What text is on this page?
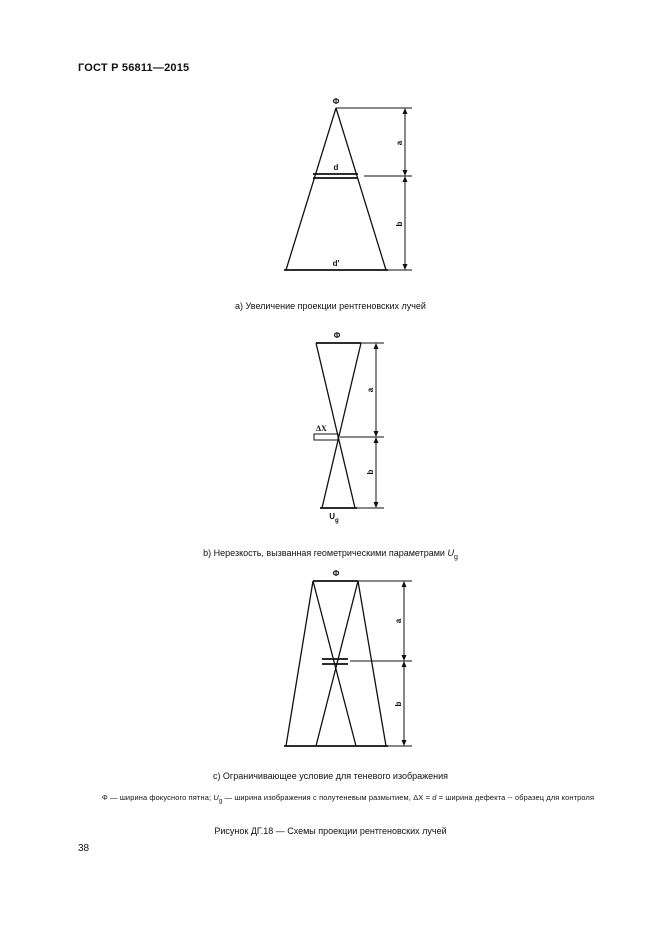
ГОСТ Р 56811—2015
Φ
d
d'
a
b
Φ
ΔX
$U_g$
a
b
Φ
a
b
a) Увеличение проекции рентгеновских лучей
b) Нерезкость, вызванная геометрическими параметрами $U_g$
c) Ограничивающее условие для теневого изображения
Φ — ширина фокусного пятна; $U_g$ — ширина изображения с полутеневым размытием, ΔX = d = ширина дефекта -- образец для контроля
Рисунок ДГ.18 — Схемы проекции рентгеновских лучей
38
